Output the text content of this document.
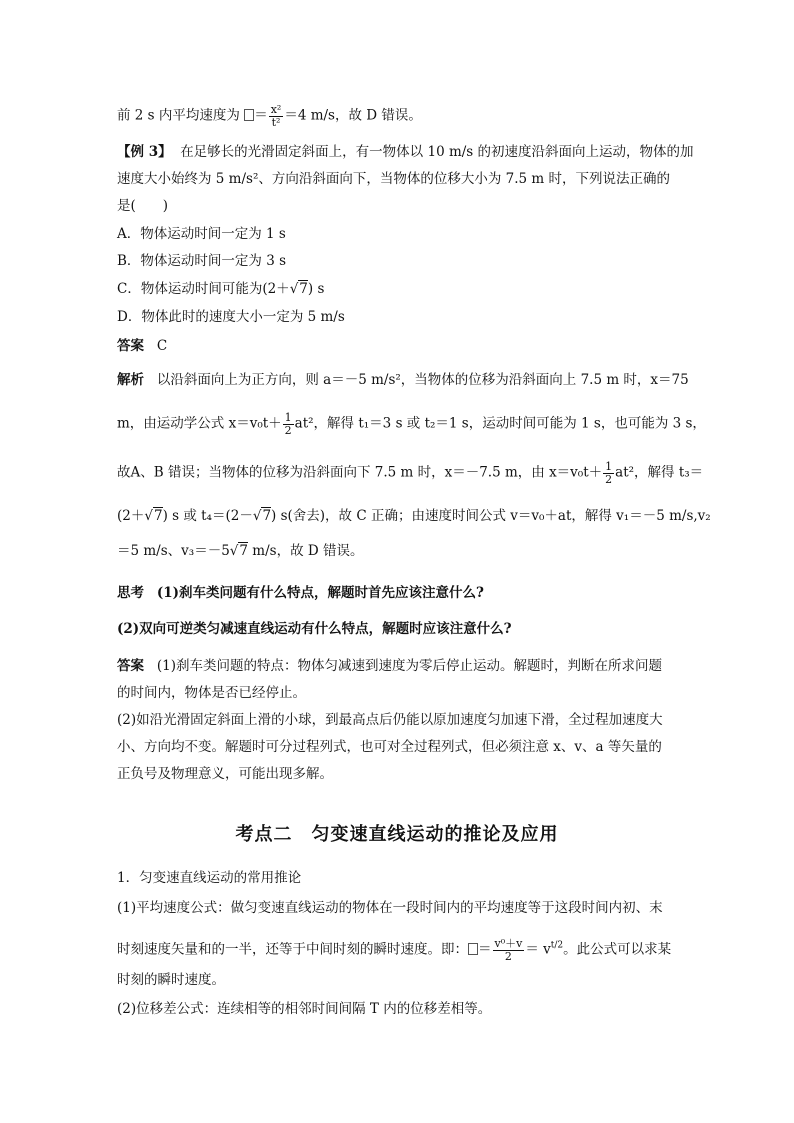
前 2 s 内平均速度为 ＝ $\frac{\text{x²}}{\text{t²}} =4$ m/s，故 D 错误。
【例 3】 在足够长的光滑固定斜面上，有一物体以 10 m/s 的初速度沿斜面向上运动，物体的加
速度大小始终为 5 m/s²、方向沿斜面向下，当物体的位移大小为 7.5 m 时，下列说法正确的
是(　　)
A．物体运动时间一定为 1 s
B．物体运动时间一定为 3 s
C．物体运动时间可能为(2＋√7) s
D．物体此时的速度大小一定为 5 m/s
答案 C
解析 以沿斜面向上为正方向，则 a＝－5 m/s²，当物体的位移为沿斜面向上 7.5 m 时，x＝75
m，由运动学公式 $x=v_0t+ \frac{1}{2} at^2$，解得 t₁＝3 s 或 t₂＝1 s，运动时间可能为 1 s，也可能为 3 s，
故A、B 错误；当物体的位移为沿斜面向下 7.5 m 时，x＝－7.5 m，由 $x=v_0t+ \frac{1}{2} at^2$，解得 t₃＝
(2＋√7) s 或 t₄＝(2－√7) s(舍去)，故 C 正确；由速度时间公式 v＝v₀＋at，解得 v₁＝－5 m/s,v₂
＝5 m/s、v₃＝－5√7 m/s，故 D 错误。
思考 (1)刹车类问题有什么特点，解题时首先应该注意什么?
(2)双向可逆类匀减速直线运动有什么特点，解题时应该注意什么?
答案 (1)刹车类问题的特点：物体匀减速到速度为零后停止运动。解题时，判断在所求问题
的时间内，物体是否已经停止。
(2)如沿光滑固定斜面上滑的小球，到最高点后仍能以原加速度匀加速下滑，全过程加速度大
小、方向均不变。解题时可分过程列式，也可对全过程列式，但必须注意 x、v、a 等矢量的
正负号及物理意义，可能出现多解。
考点二　匀变速直线运动的推论及应用
1．匀变速直线运动的常用推论
(1)平均速度公式：做匀变速直线运动的物体在一段时间内的平均速度等于这段时间内初、末
时刻速度矢量和的一半，还等于中间时刻的瞬时速度。即： ＝ $\frac{\text{v⁰＋v}}{2} = v^{t/2}$。此公式可以求某
时刻的瞬时速度。
(2)位移差公式：连续相等的相邻时间间隔 T 内的位移差相等。
